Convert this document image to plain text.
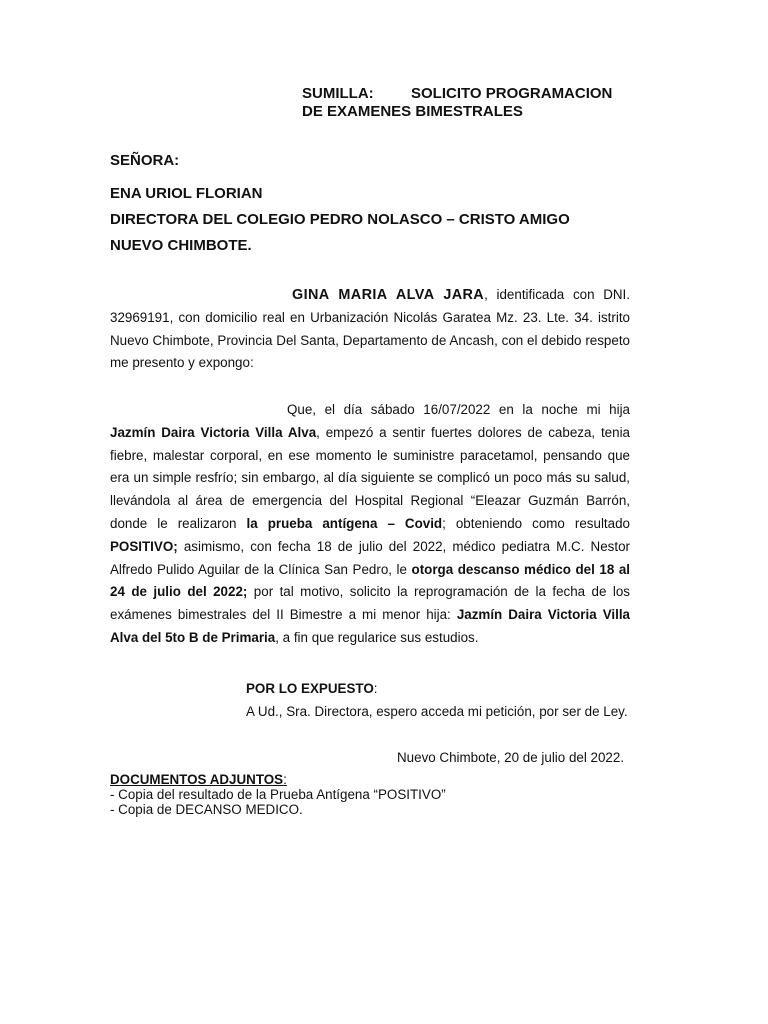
SUMILLA: SOLICITO PROGRAMACION
DE EXAMENES BIMESTRALES
SEÑORA:
ENA URIOL FLORIAN
DIRECTORA DEL COLEGIO PEDRO NOLASCO – CRISTO AMIGO
NUEVO CHIMBOTE.
GINA MARIA ALVA JARA, identificada con DNI. 32969191, con domicilio real en Urbanización Nicolás Garatea Mz. 23. Lte. 34. istrito Nuevo Chimbote, Provincia Del Santa, Departamento de Ancash, con el debido respeto me presento y expongo:
Que, el día sábado 16/07/2022 en la noche mi hija Jazmín Daira Victoria Villa Alva, empezó a sentir fuertes dolores de cabeza, tenia fiebre, malestar corporal, en ese momento le suministre paracetamol, pensando que era un simple resfrío; sin embargo, al día siguiente se complicó un poco más su salud, llevándola al área de emergencia del Hospital Regional “Eleazar Guzmán Barrón, donde le realizaron la prueba antígena – Covid; obteniendo como resultado POSITIVO; asimismo, con fecha 18 de julio del 2022, médico pediatra M.C. Nestor Alfredo Pulido Aguilar de la Clínica San Pedro, le otorga descanso médico del 18 al 24 de julio del 2022; por tal motivo, solicito la reprogramación de la fecha de los exámenes bimestrales del II Bimestre a mi menor hija: Jazmín Daira Victoria Villa Alva del 5to B de Primaria, a fin que regularice sus estudios.
POR LO EXPUESTO:
A Ud., Sra. Directora, espero acceda mi petición, por ser de Ley.
Nuevo Chimbote, 20 de julio del 2022.
DOCUMENTOS ADJUNTOS:
- Copia del resultado de la Prueba Antígena “POSITIVO”
- Copia de DECANSO MEDICO.
